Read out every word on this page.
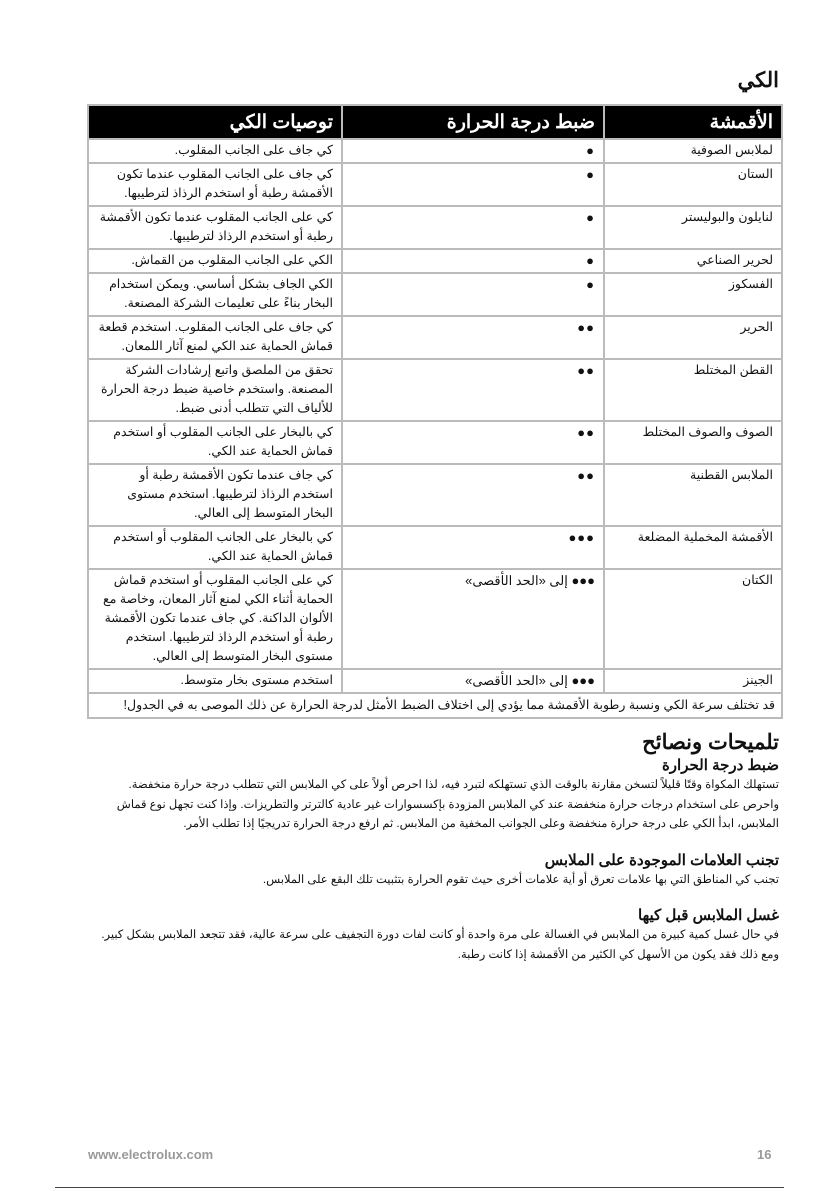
الكي
الأقمشة	ضبط درجة الحرارة	توصيات الكي
لملابس الصوفية	●	كي جاف على الجانب المقلوب.
الستان	●	كي جاف على الجانب المقلوب عندما تكون الأقمشة رطبة أو استخدم الرذاذ لترطيبها.
لنايلون والبوليستر	●	كي على الجانب المقلوب عندما تكون الأقمشة رطبة أو استخدم الرذاذ لترطيبها.
لحرير الصناعي	●	الكي على الجانب المقلوب من القماش.
الفسكوز	●	الكي الجاف بشكل أساسي. ويمكن استخدام البخار بناءً على تعليمات الشركة المصنعة.
الحرير	●●	كي جاف على الجانب المقلوب. استخدم قطعة قماش الحماية عند الكي لمنع آثار اللمعان.
القطن المختلط	●●	تحقق من الملصق واتبع إرشادات الشركة المصنعة. واستخدم خاصية ضبط درجة الحرارة للألياف التي تتطلب أدنى ضبط.
الصوف والصوف المختلط	●●	كي بالبخار على الجانب المقلوب أو استخدم قماش الحماية عند الكي.
الملابس القطنية	●●	كي جاف عندما تكون الأقمشة رطبة أو استخدم الرذاذ لترطيبها. استخدم مستوى البخار المتوسط إلى العالي.
الأقمشة المخملية المضلعة	●●●	كي بالبخار على الجانب المقلوب أو استخدم قماش الحماية عند الكي.
الكتان	●●● إلى «الحد الأقصى»	كي على الجانب المقلوب أو استخدم قماش الحماية أثناء الكي لمنع آثار المعان، وخاصة مع الألوان الداكنة. كي جاف عندما تكون الأقمشة رطبة أو استخدم الرذاذ لترطيبها. استخدم مستوى البخار المتوسط إلى العالي.
الجينز	●●● إلى «الحد الأقصى»	استخدم مستوى بخار متوسط.
قد تختلف سرعة الكي ونسبة رطوبة الأقمشة مما يؤدي إلى اختلاف الضبط الأمثل لدرجة الحرارة عن ذلك الموصى به في الجدول!		
تلميحات ونصائح
ضبط درجة الحرارة

تستهلك المكواة وقتًا قليلاً لتسخن مقارنة بالوقت الذي تستهلكه لتبرد فيه، لذا احرص أولاً على كي الملابس التي تتطلب درجة حرارة منخفضة.

واحرص على استخدام درجات حرارة منخفضة عند كي الملابس المزودة بإكسسوارات غير عادية كالترتر والتطريزات. وإذا كنت تجهل نوع قماش

الملابس، ابدأ الكي على درجة حرارة منخفضة وعلى الجوانب المخفية من الملابس. ثم ارفع درجة الحرارة تدريجيًا إذا تطلب الأمر.

تجنب العلامات الموجودة على الملابس

تجنب كي المناطق التي بها علامات تعرق أو أية علامات أخرى حيث تقوم الحرارة بتثبيت تلك البقع على الملابس.

غسل الملابس قبل كيها

في حال غسل كمية كبيرة من الملابس في الغسالة على مرة واحدة أو كانت لفات دورة التجفيف على سرعة عالية، فقد تتجعد الملابس بشكل كبير.

ومع ذلك فقد يكون من الأسهل كي الكثير من الأقمشة إذا كانت رطبة.

www.electrolux.com	16
